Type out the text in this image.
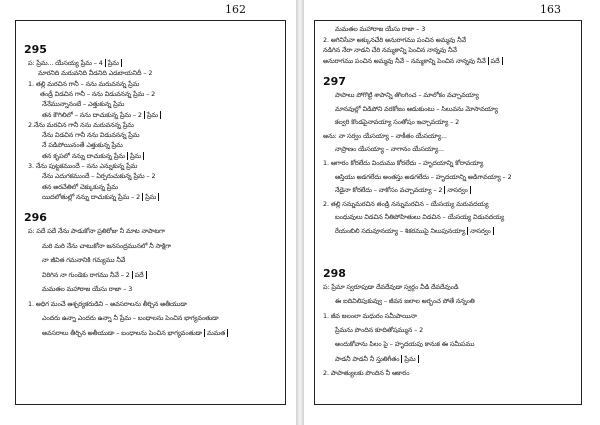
162
295
ప: ప్రేమ... యేసయ్య ప్రేమ – 4 ప్రేమ
మారనిది మరువనిది వీడనిది ఎడబాయనిదీ – 2
1. తల్లి మరచిన గానీ – నను మరువనన్న ప్రేమ
తండ్రీ విడచిన గానీ – నను విడువనన్న ప్రేమ – 2
నేనేమున్నానంటే – ఎత్తుకున్న ప్రేమ
తన కౌగిలిలో – నను దాచుకున్న ప్రేమ – 2 ప్రేమ
2.నేను మరచిన గానీ నను మరువనన్న ప్రేమ
నేను విడచిన గానీ నను విడువనన్న ప్రేమ
నే పడిపోయినంతే ఎత్తుకున్న ప్రేమ
తన కృపలో నన్ను దాచుకున్న ప్రేమ ప్రేమ
3. నేను పుట్టకముందే – నను ఎన్నుకున్న ప్రేమ
నేను ఎదుగకముందే – ఏర్పరుచుకున్న ప్రేమ – 2
తన అరచేతిలో చెక్కుకున్న ప్రేమ
యిదలోతుల్లో నన్ను దాచుకున్న ప్రేమ – 2 ప్రేమ
296
ప: పదే పదే నేను పాడుకోనా ప్రతిరోజు నీ మాట నాపాటగా
మరి మరి నేను చాటుకోనా జనసంద్రమునలో నీ సాక్షిగా
నా జీవిత గమనానికి గమ్యము నీవే
విరిగిన నా గుండెకు రాగము నీవే – 2 పదే
మమతల మహారాజ యేసు రాజా – 3
1. అధిగ మంచే ఆశ్చర్యకరుడిని – అవసరాలను తీర్చిన అతీయుడా
ఎందరు ఉన్నా ఎందరు ఉన్నా నీ ప్రేమ – బంధాలను పెంచిన భాగ్యవంతుడా
అవసరాలు తీర్చిన అతీయుడా – బంధాలను పెంచిన భాగ్యవంతుడా మమత
163
మమతల మహారాజ యేసు రాజా – 3
2. అగినిసేవా అక్కునచేరి అనురాగము పంచిన అమ్మవు నీవే
నడిగిన నేరా నాడని చేరి నమ్మకాన్ని పెంచిన నాన్నవు నీవే
అనురాగము పంచిన అమ్మవు నీవే – నమ్మకాన్ని పెంచిన నాన్నవు నీవే పదే
297
పాపాలు పోగొట్టి శాపాన్ని తొలగించ – మాలోకం వచ్చావయ్యా
మానవుల్లో విడిపోని వరకోజం ఆడుకుంటు – సిలువను మోసావయ్యా
కల్వరి కొండపైనావయ్యా సంతోషం ఇచ్చావయ్యా – 2
అను: నా సర్వం యేసయ్యా – నాకీతం యేసయ్యా...
నాప్రాణం యేసయ్యా – నాగానం యేసయ్యా...
1. ఆగారం కోరలేదు విందుము కోరలేదు – హృదయాన్ని కోరావయ్యా
ఆస్తియు అడగలేదు అంతస్తు అడగలేదు – హృదయాన్ని అడిగావయ్యా – 2
నేడైనా కోరలేదు – నాకోసం వచ్చావయ్యా – 2 నాసర్వం
2. తల్లి సన్నుమరచిన తండ్రి నన్నుమరచిన – యేసయ్య మరువదయ్య
బంధువులు విడచిన నీతిపోహితులు విడచిన – యేసయ్య విడువదయ్య
రేయంబిలి సదువూనయ్యా – శికరముపై నిలుపునయ్యా నాసర్వం
298
ప: ప్రేమా స్వరూపుడా దేవదేవుడా స్వర్గం వీడి దేవదేవుండి
ఈ ఐదివిలిపుకువ్వు – జీవన జలాల అర్భంచ పోతే నన్నంతి
1. జీవ జలంలా మధురం సమీపాయినా
ప్రేమను పొందిన కూదితోషమ్మున – 2
అందుకోవాను పిలం పై – హృదయపు కానుక ఈ సమీపము
పాడనీ పాడనీ నీ స్తుతిగీతం ప్రేమ
2. పాపాత్యులకు పొందిన నీ ఆకారం
